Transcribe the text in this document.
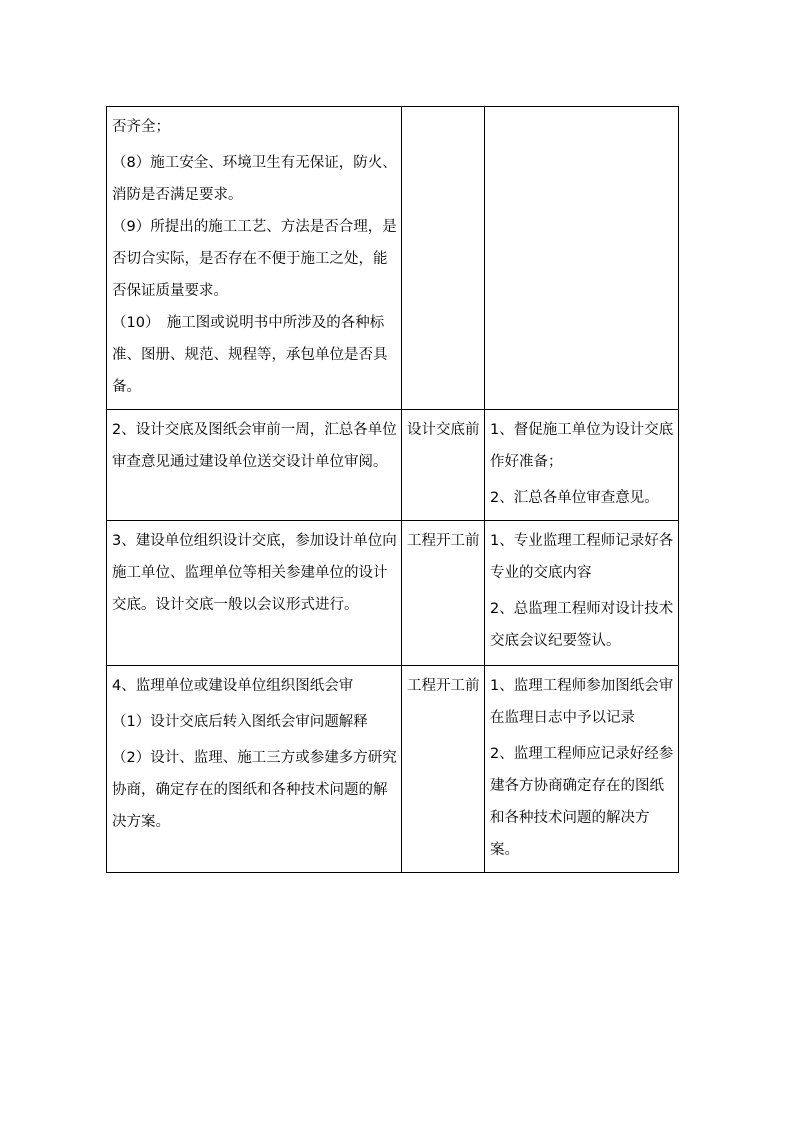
否齐全；
（8）施工安全、环境卫生有无保证，防火、消防是否满足要求。
（9）所提出的施工工艺、方法是否合理，是否切合实际，是否存在不便于施工之处，能否保证质量要求。
（10）　施工图或说明书中所涉及的各种标准、图册、规范、规程等，承包单位是否具备。		

2、设计交底及图纸会审前一周，汇总各单位审查意见通过建设单位送交设计单位审阅。	设计交底前	1、督促施工单位为设计交底作好准备；
2、汇总各单位审查意见。

3、建设单位组织设计交底，参加设计单位向施工单位、监理单位等相关参建单位的设计交底。设计交底一般以会议形式进行。	工程开工前	1、专业监理工程师记录好各专业的交底内容
2、总监理工程师对设计技术交底会议纪要签认。

4、监理单位或建设单位组织图纸会审
（1）设计交底后转入图纸会审问题解释
（2）设计、监理、施工三方或参建多方研究协商，确定存在的图纸和各种技术问题的解决方案。	工程开工前	1、监理工程师参加图纸会审在监理日志中予以记录
2、监理工程师应记录好经参建各方协商确定存在的图纸和各种技术问题的解决方案。
